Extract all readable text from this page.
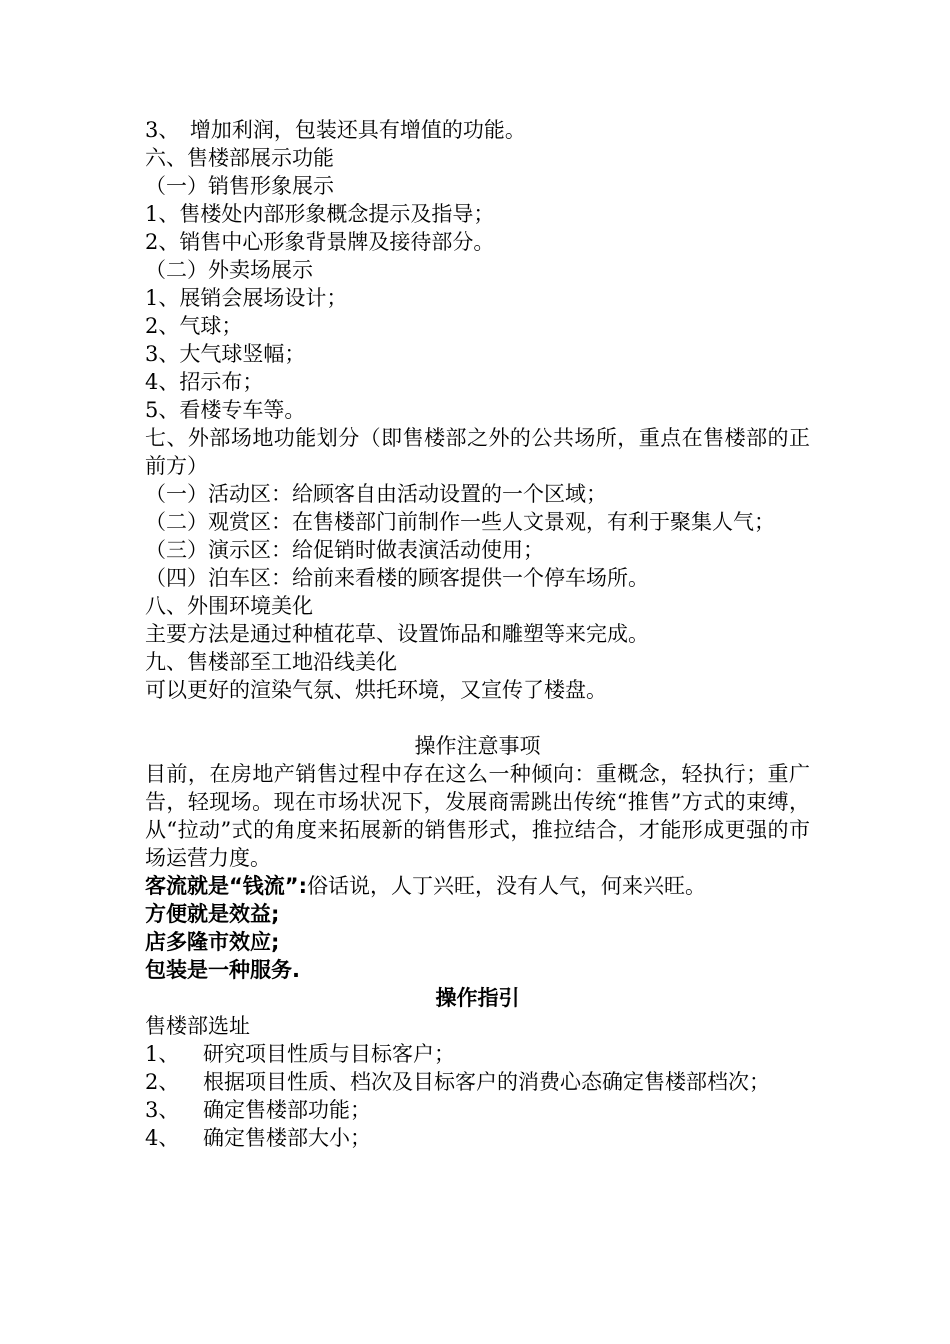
3、　增加利润，包装还具有增值的功能。

六、售楼部展示功能

（一）销售形象展示

1、售楼处内部形象概念提示及指导；

2、销售中心形象背景牌及接待部分。

（二）外卖场展示

1、展销会展场设计；

2、气球；

3、大气球竖幅；

4、招示布；

5、看楼专车等。

七、外部场地功能划分（即售楼部之外的公共场所，重点在售楼部的正前方）

（一）活动区：给顾客自由活动设置的一个区域；

（二）观赏区：在售楼部门前制作一些人文景观，有利于聚集人气；

（三）演示区：给促销时做表演活动使用；

（四）泊车区：给前来看楼的顾客提供一个停车场所。

八、外围环境美化

主要方法是通过种植花草、设置饰品和雕塑等来完成。

九、售楼部至工地沿线美化

可以更好的渲染气氛、烘托环境，又宣传了楼盘。

操作注意事项

目前，在房地产销售过程中存在这么一种倾向：重概念，轻执行；重广告，轻现场。现在市场状况下，发展商需跳出传统“推售”方式的束缚，从“拉动”式的角度来拓展新的销售形式，推拉结合，才能形成更强的市场运营力度。

客流就是“钱流”:俗话说，人丁兴旺，没有人气，何来兴旺。

方便就是效益;

店多隆市效应;

包装是一种服务.

操作指引

售楼部选址

1、	研究项目性质与目标客户；
2、	根据项目性质、档次及目标客户的消费心态确定售楼部档次；
3、	确定售楼部功能；
4、	确定售楼部大小；
